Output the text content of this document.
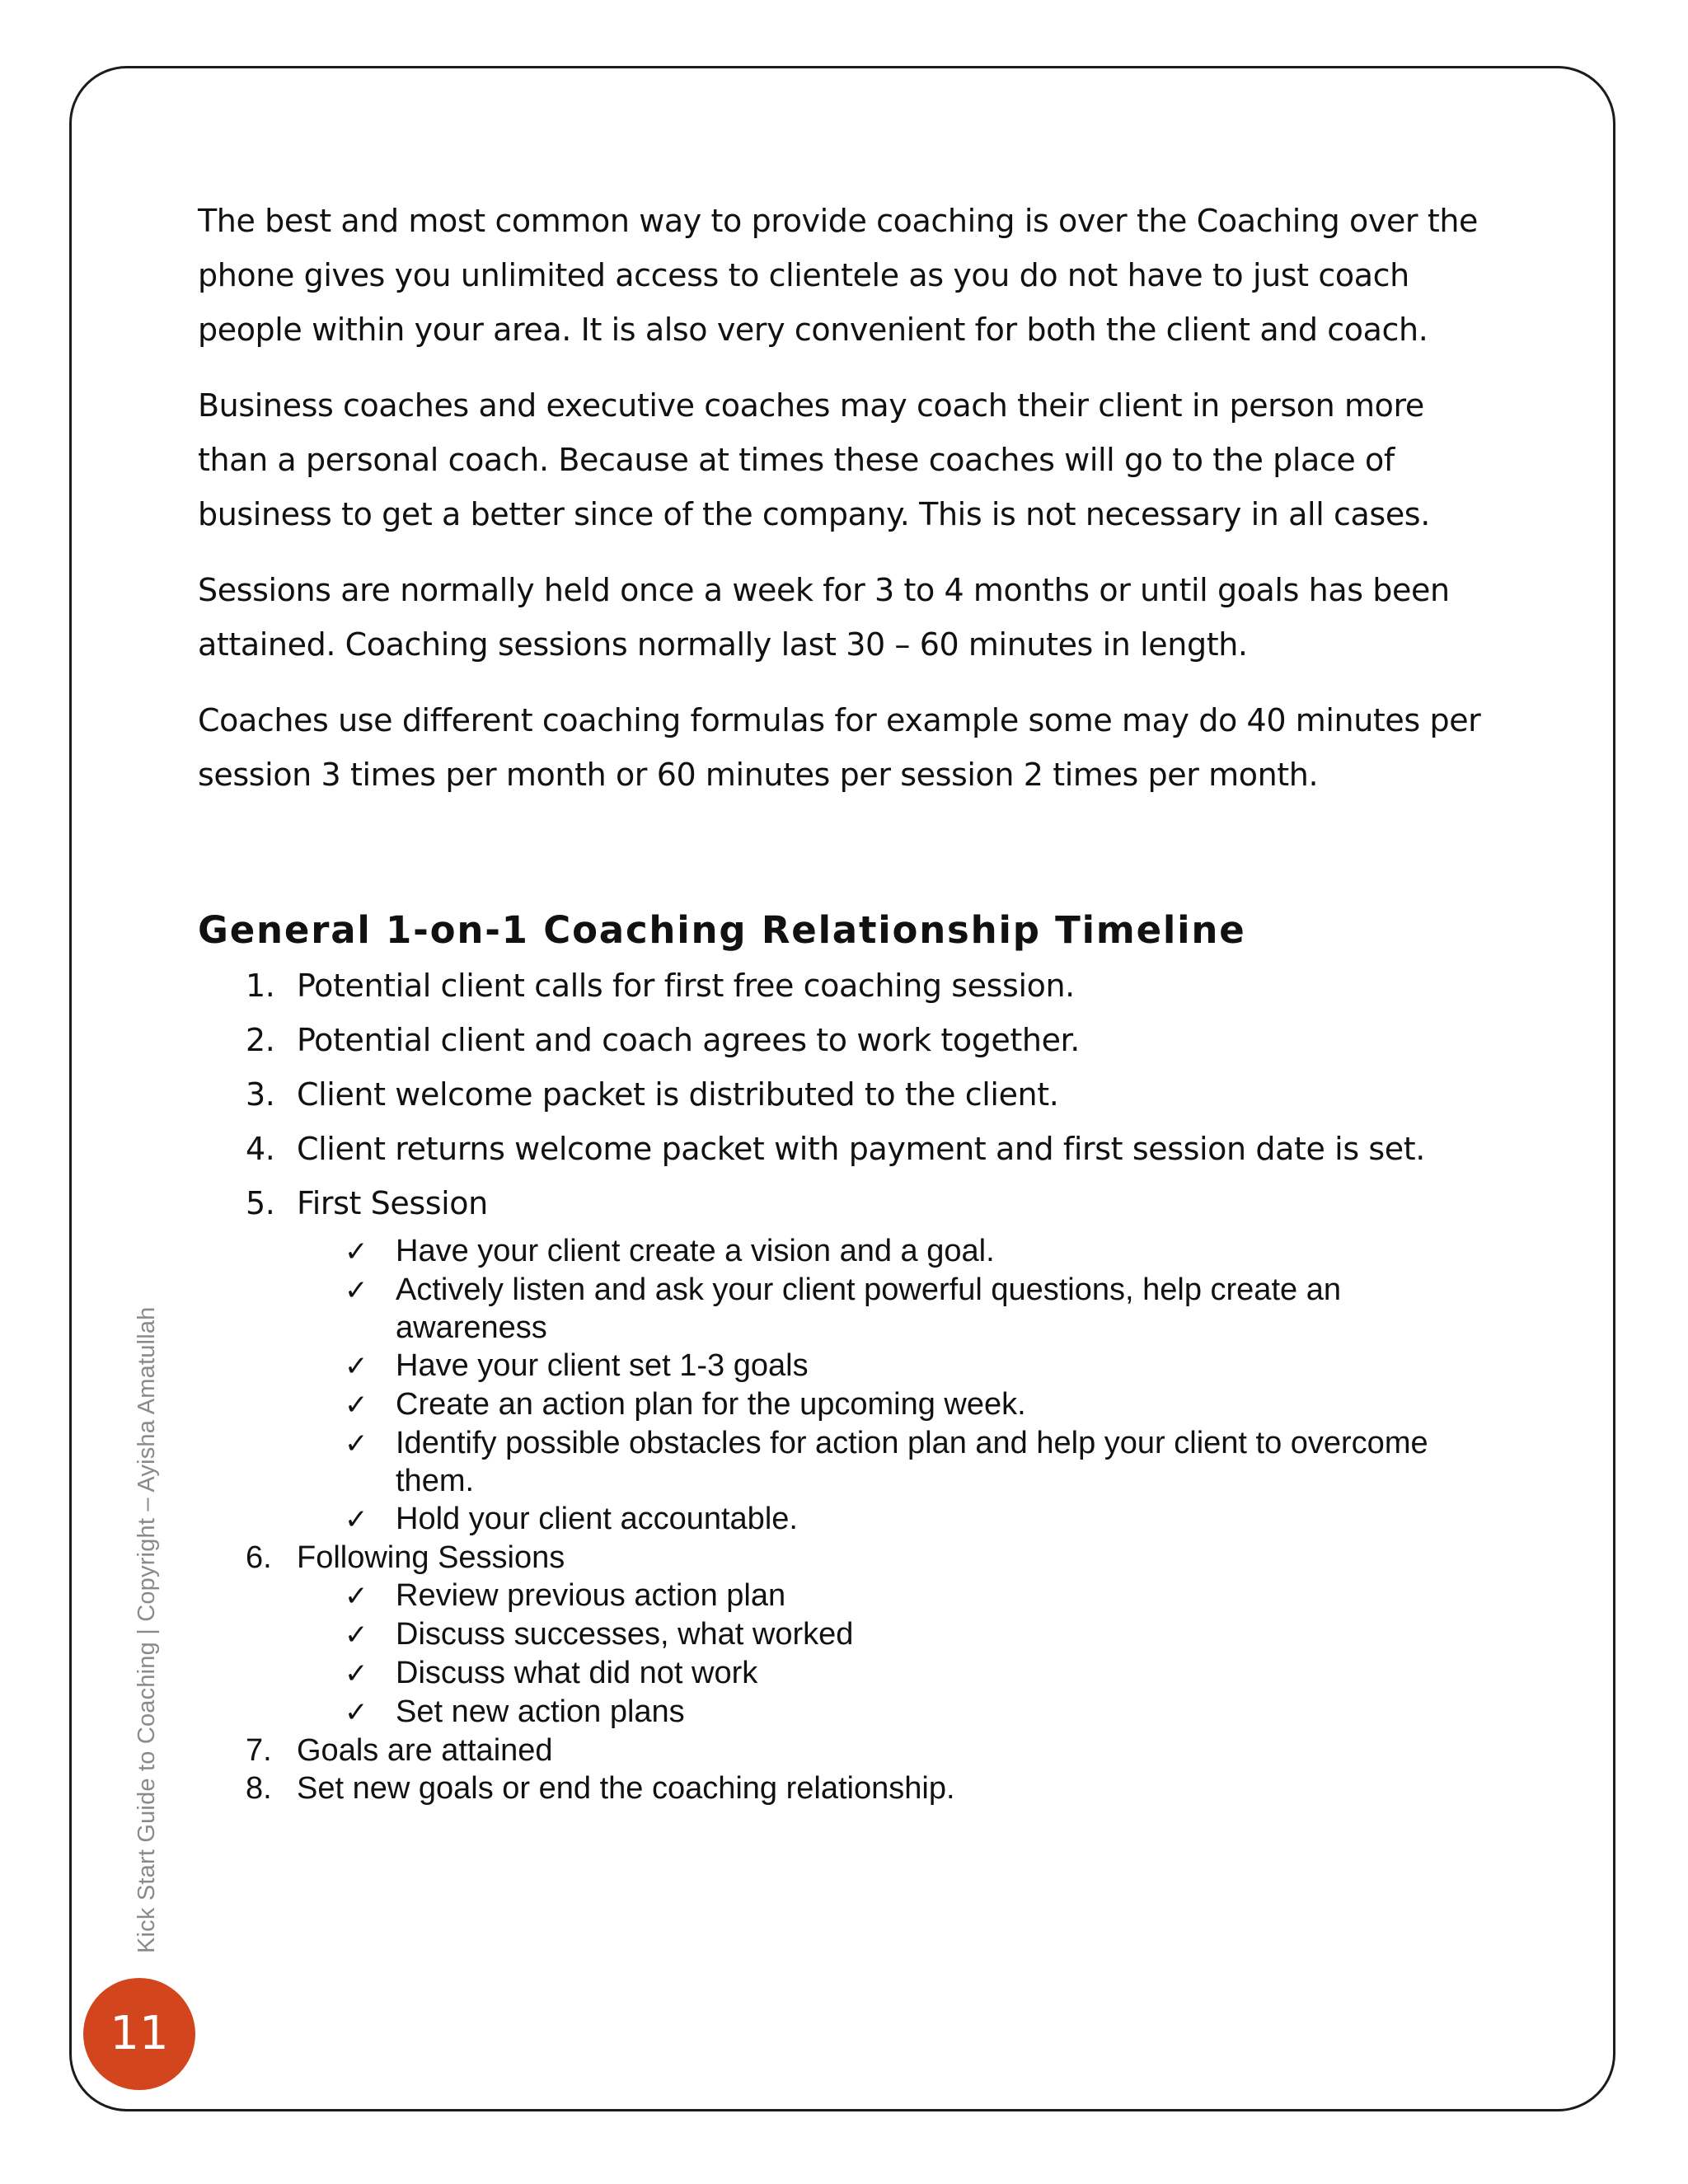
The best and most common way to provide coaching is over the Coaching over the phone gives you unlimited access to clientele as you do not have to just coach people within your area. It is also very convenient for both the client and coach.

Business coaches and executive coaches may coach their client in person more than a personal coach. Because at times these coaches will go to the place of business to get a better since of the company. This is not necessary in all cases.

Sessions are normally held once a week for 3 to 4 months or until goals has been attained. Coaching sessions normally last 30 – 60 minutes in length.

Coaches use different coaching formulas for example some may do 40 minutes per session 3 times per month or 60 minutes per session 2 times per month.

General 1-on-1 Coaching Relationship Timeline
1. Potential client calls for first free coaching session.
2. Potential client and coach agrees to work together.
3. Client welcome packet is distributed to the client.
4. Client returns welcome packet with payment and first session date is set.
5. First Session
✓ Have your client create a vision and a goal.
✓ Actively listen and ask your client powerful questions, help create an awareness
✓ Have your client set 1-3 goals
✓ Create an action plan for the upcoming week.
✓ Identify possible obstacles for action plan and help your client to overcome them.
✓ Hold your client accountable.
6. Following Sessions
✓ Review previous action plan
✓ Discuss successes, what worked
✓ Discuss what did not work
✓ Set new action plans
7. Goals are attained
8. Set new goals or end the coaching relationship.
Kick Start Guide to Coaching | Copyright – Ayisha Amatullah
11
